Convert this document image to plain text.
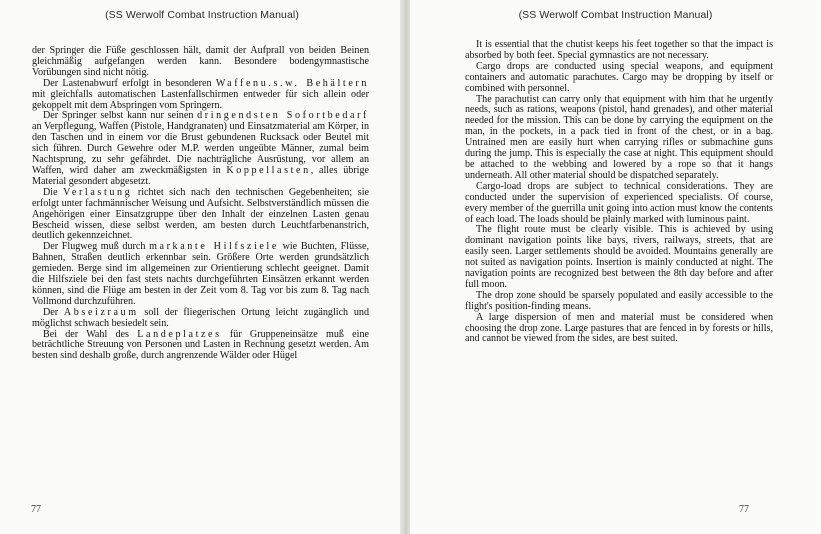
(SS Werwolf Combat Instruction Manual)

der Springer die Füße geschlossen hält, damit der Aufprall von beiden Beinen gleichmäßig aufgefangen werden kann. Besondere bodengymnastische Vorübungen sind nicht nötig.

Der Lastenabwurf erfolgt in besonderen Waffenu.s.w. Behältern mit gleichfalls automatischen Lastenfallschirmen entweder für sich allein oder gekoppelt mit dem Abspringen vom Springern.

Der Springer selbst kann nur seinen dringendsten Sofortbedarf an Verpflegung, Waffen (Pistole, Handgranaten) und Einsatzmaterial am Körper, in den Taschen und in einem vor die Brust gebundenen Rucksack oder Beutel mit sich führen. Durch Gewehre oder M.P. werden ungeübte Männer, zumal beim Nachtsprung, zu sehr gefährdet. Die nachträgliche Ausrüstung, vor allem an Waffen, wird daher am zweckmäßigsten in Koppellasten, alles übrige Material gesondert abgesetzt.

Die Verlastung richtet sich nach den technischen Gegebenheiten; sie erfolgt unter fachmännischer Weisung und Aufsicht. Selbstverständlich müssen die Angehörigen einer Einsatzgruppe über den Inhalt der einzelnen Lasten genau Bescheid wissen, diese selbst werden, am besten durch Leuchtfarbenanstrich, deutlich gekennzeichnet.

Der Flugweg muß durch markante Hilfsziele wie Buchten, Flüsse, Bahnen, Straßen deutlich erkennbar sein. Größere Orte werden grundsätzlich gemieden. Berge sind im allgemeinen zur Orientierung schlecht geeignet. Damit die Hilfsziele bei den fast stets nachts durchgeführten Einsätzen erkannt werden können, sind die Flüge am besten in der Zeit vom 8. Tag vor bis zum 8. Tag nach Vollmond durchzuführen.

Der Abseizraum soll der fliegerischen Ortung leicht zugänglich und möglichst schwach besiedelt sein.

Bei der Wahl des Landeplatzes für Gruppeneinsätze muß eine beträchtliche Streuung von Personen und Lasten in Rechnung gesetzt werden. Am besten sind deshalb große, durch angrenzende Wälder oder Hügel

77
(SS Werwolf Combat Instruction Manual)

It is essential that the chutist keeps his feet together so that the impact is absorbed by both feet. Special gymnastics are not necessary.

Cargo drops are conducted using special weapons, and equipment containers and automatic parachutes. Cargo may be dropping by itself or combined with personnel.

The parachutist can carry only that equipment with him that he urgently needs, such as rations, weapons (pistol, hand grenades), and other material needed for the mission. This can be done by carrying the equipment on the man, in the pockets, in a pack tied in front of the chest, or in a bag. Untrained men are easily hurt when carrying rifles or submachine guns during the jump. This is especially the case at night. This equipment should be attached to the webbing and lowered by a rope so that it hangs underneath. All other material should be dispatched separately.

Cargo-load drops are subject to technical considerations. They are conducted under the supervision of experienced specialists. Of course, every member of the guerrilla unit going into action must know the contents of each load. The loads should be plainly marked with luminous paint.

The flight route must be clearly visible. This is achieved by using dominant navigation points like bays, rivers, railways, streets, that are easily seen. Larger settlements should be avoided. Mountains generally are not suited as navigation points. Insertion is mainly conducted at night. The navigation points are recognized best between the 8th day before and after full moon.

The drop zone should be sparsely populated and easily accessible to the flight's position-finding means.

A large dispersion of men and material must be considered when choosing the drop zone. Large pastures that are fenced in by forests or hills, and cannot be viewed from the sides, are best suited.

77
